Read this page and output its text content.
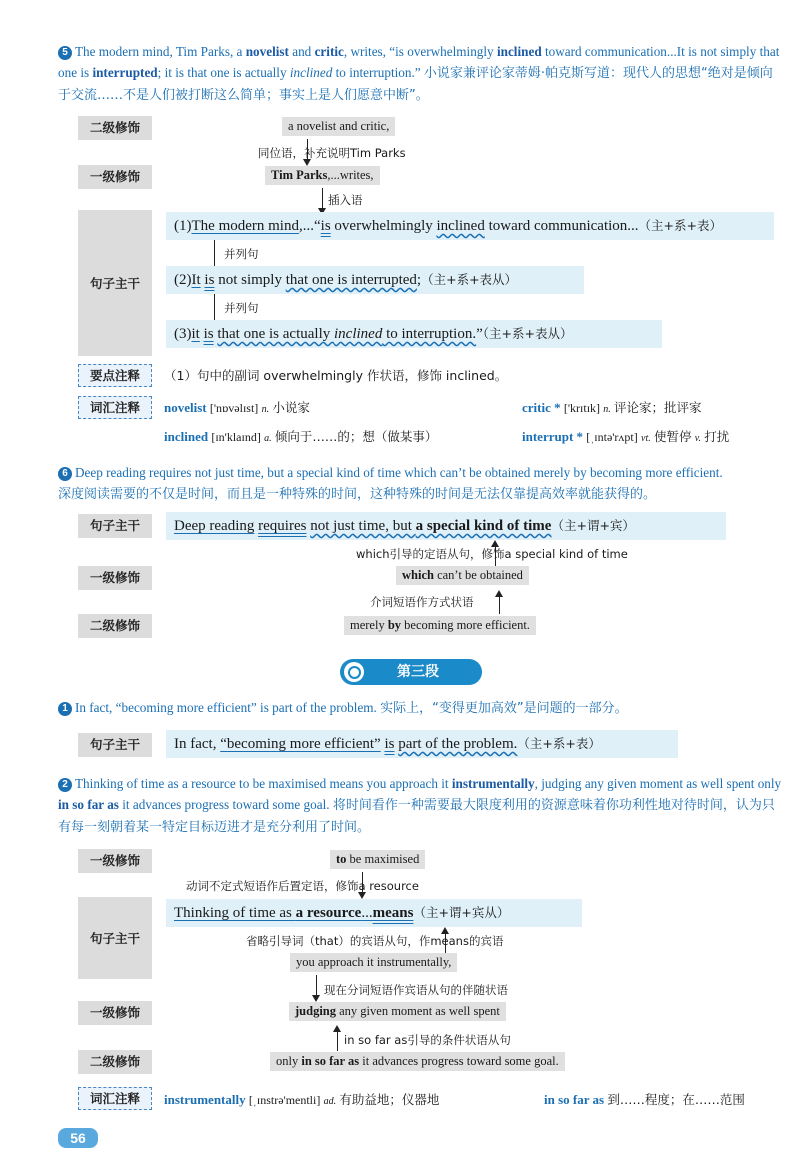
5 The modern mind, Tim Parks, a novelist and critic, writes, “is overwhelmingly inclined toward communication...It is not simply that one is interrupted; it is that one is actually inclined to interruption.” 小说家兼评论家蒂姆·帕克斯写道：现代人的思想“绝对是倾向于交流……不是人们被打断这么简单；事实上是人们愿意中断”。
二级修饰
一级修饰
句子主干
a novelist and critic,
同位语，补充说明Tim Parks
Tim Parks,...writes,
插入语
(1)The modern mind,...“is overwhelmingly inclined toward communication...（主+系+表）
并列句
(2)It is not simply that one is interrupted;（主+系+表从）
并列句
(3)it is that one is actually inclined to interruption.”（主+系+表从）
要点注释	（1）句中的副词 overwhelmingly 作状语，修饰 inclined。
词汇注释	novelist ['nɒvəlɪst] n. 小说家	critic * ['krɪtɪk] n. 评论家；批评家
inclined [ɪn'klaɪnd] a. 倾向于……的；想（做某事）	interrupt * [ˌɪntə'rʌpt] vt. 使暂停 v. 打扰
6 Deep reading requires not just time, but a special kind of time which can’t be obtained merely by becoming more efficient.
深度阅读需要的不仅是时间，而且是一种特殊的时间，这种特殊的时间是无法仅靠提高效率就能获得的。
句子主干
一级修饰
二级修饰
Deep reading requires not just time, but a special kind of time（主+谓+宾）
which引导的定语从句，修饰a special kind of time
which can’t be obtained
介词短语作方式状语
merely by becoming more efficient.
第三段
1 In fact, “becoming more efficient” is part of the problem. 实际上，“变得更加高效”是问题的一部分。
句子主干	In fact, “becoming more efficient” is part of the problem.（主+系+表）
2 Thinking of time as a resource to be maximised means you approach it instrumentally, judging any given moment as well spent only in so far as it advances progress toward some goal. 将时间看作一种需要最大限度利用的资源意味着你功利性地对待时间，认为只有每一刻朝着某一特定目标迈进才是充分利用了时间。
一级修饰
句子主干
一级修饰
二级修饰
to be maximised
动词不定式短语作后置定语，修饰a resource
Thinking of time as a resource...means（主+谓+宾从）
省略引导词（that）的宾语从句，作means的宾语
you approach it instrumentally,
现在分词短语作宾语从句的伴随状语
judging any given moment as well spent
in so far as引导的条件状语从句
only in so far as it advances progress toward some goal.
词汇注释	instrumentally [ˌɪnstrə'mentli] ad. 有助益地；仪器地	in so far as 到……程度；在……范围
56
